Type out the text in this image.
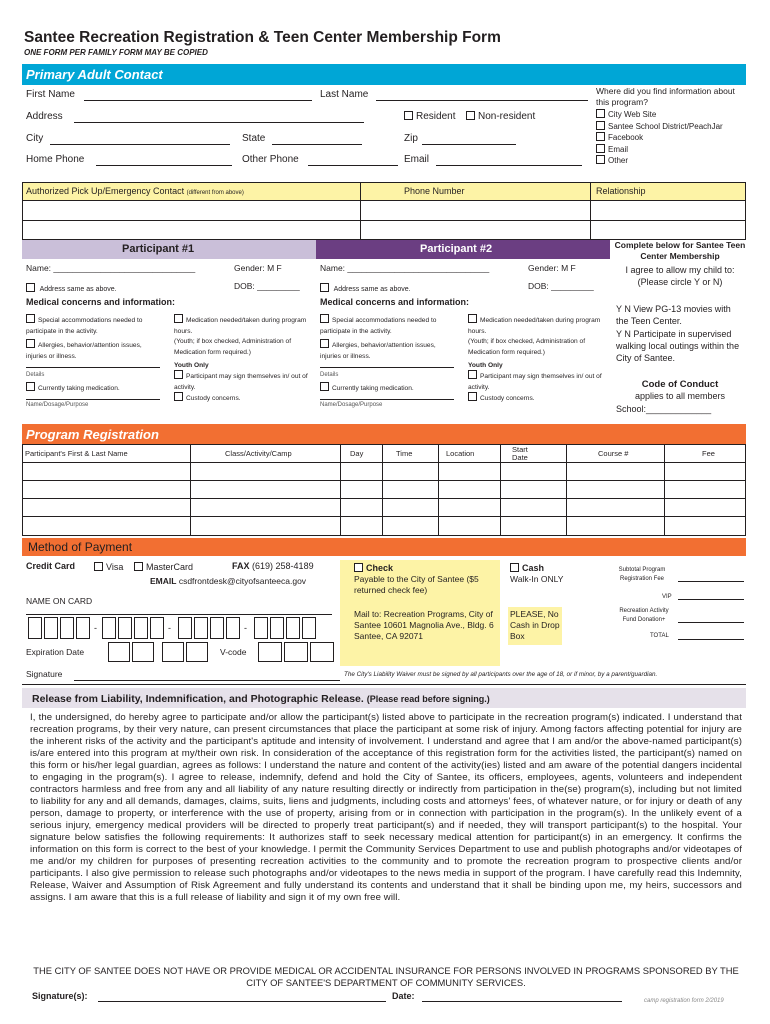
Santee Recreation Registration & Teen Center Membership Form
ONE FORM PER FAMILY FORM MAY BE COPIED
Primary Adult Contact
First Name	Last Name
Address	Resident	Non-resident
City	State	Zip
Home Phone	Other Phone	Email
Where did you find information about this program?
City Web Site
Santee School District/PeachJar
Facebook
Email
Other
Authorized Pick Up/Emergency Contact (different from above)	Phone Number	Relationship
Participant #1	Participant #2
Name: ______________________________	Gender: M F
Address same as above.	DOB: _________
Medical concerns and information:
Special accommodations needed to participate in the activity.
Allergies, behavior/attention issues, injuries or illness.
Details
Currently taking medication.
Name/Dosage/Purpose
Medication needed/taken during program hours.
(Youth; if box checked, Administration of Medication form required.)
Youth Only
Participant may sign themselves in/ out of activity.
Custody concerns.
Name: ______________________________	Gender: M F
Address same as above.	DOB: _________
Medical concerns and information:
Special accommodations needed to participate in the activity.
Allergies, behavior/attention issues, injuries or illness.
Details
Currently taking medication.
Name/Dosage/Purpose
Medication needed/taken during program hours.
(Youth; if box checked, Administration of Medication form required.)
Youth Only
Participant may sign themselves in/ out of activity.
Custody concerns.
Complete below for Santee Teen Center Membership
I agree to allow my child to:
(Please circle Y or N)
Y N View PG-13 movies with the Teen Center.
Y N Participate in supervised walking local outings within the City of Santee.
Code of Conduct
applies to all members
School:_____________
Program Registration
Participant's First & Last Name	Class/Activity/Camp	Day	Time	Location	Start Date	Course #	Fee
Method of Payment
Credit Card	Visa	MasterCard	FAX (619) 258-4189
EMAIL csdfrontdesk@cityofsanteeca.gov
NAME ON CARD
-	-	-
Expiration Date	V-code
Signature
Check
Payable to the City of Santee ($5 returned check fee)
Mail to: Recreation Programs, City of Santee 10601 Magnolia Ave., Bldg. 6 Santee, CA 92071
Cash
Walk-In ONLY
PLEASE, No Cash in Drop Box
Subtotal Program Registration Fee
VIP
Recreation Activity Fund Donation+
TOTAL
The City's Liability Waiver must be signed by all participants over the age of 18, or if minor, by a parent/guardian.
Release from Liability, Indemnification, and Photographic Release. (Please read before signing.)
I, the undersigned, do hereby agree to participate and/or allow the participant(s) listed above to participate in the recreation program(s) indicated. I understand that recreation programs, by their very nature, can present circumstances that place the participant at some risk of injury. Among factors affecting potential for injury are the inherent risks of the activity and the participant's aptitude and intensity of involvement. I understand and agree that I am and/or the above-named participant(s) is/are entered into this program at my/their own risk. In consideration of the acceptance of this registration form for the activities listed, the participant(s) named on this form or his/her legal guardian, agrees as follows: I understand the nature and content of the activity(ies) listed and am aware of the potential dangers incidental to engaging in the program(s). I agree to release, indemnify, defend and hold the City of Santee, its officers, employees, agents, volunteers and independent contractors harmless and free from any and all liability of any nature resulting directly or indirectly from participation in the(se) program(s), including but not limited to liability for any and all demands, damages, claims, suits, liens and judgments, including costs and attorneys' fees, of whatever nature, or for injury or death of any person, damage to property, or interference with the use of property, arising from or in connection with participation in the program(s). In the unlikely event of a serious injury, emergency medical providers will be directed to properly treat participant(s) and if needed, they will transport participant(s) to the hospital. Your signature below satisfies the following requirements: It authorizes staff to seek necessary medical attention for participant(s) in an emergency. It confirms the information on this form is correct to the best of your knowledge. I permit the Community Services Department to use and publish photographs and/or videotapes of me and/or my children for purposes of presenting recreation activities to the community and to promote the recreation program to prospective clients and/or participants. I also give permission to release such photographs and/or videotapes to the news media in support of the program. I have carefully read this Indemnity, Release, Waiver and Assumption of Risk Agreement and fully understand its contents and understand that it shall be binding upon me, my heirs, successors and assigns. I am aware that this is a full release of liability and sign it of my own free will.
THE CITY OF SANTEE DOES NOT HAVE OR PROVIDE MEDICAL OR ACCIDENTAL INSURANCE FOR PERSONS INVOLVED IN PROGRAMS SPONSORED BY THE CITY OF SANTEE'S DEPARTMENT OF COMMUNITY SERVICES.
Signature(s):	Date:	camp registration form 2/2019
